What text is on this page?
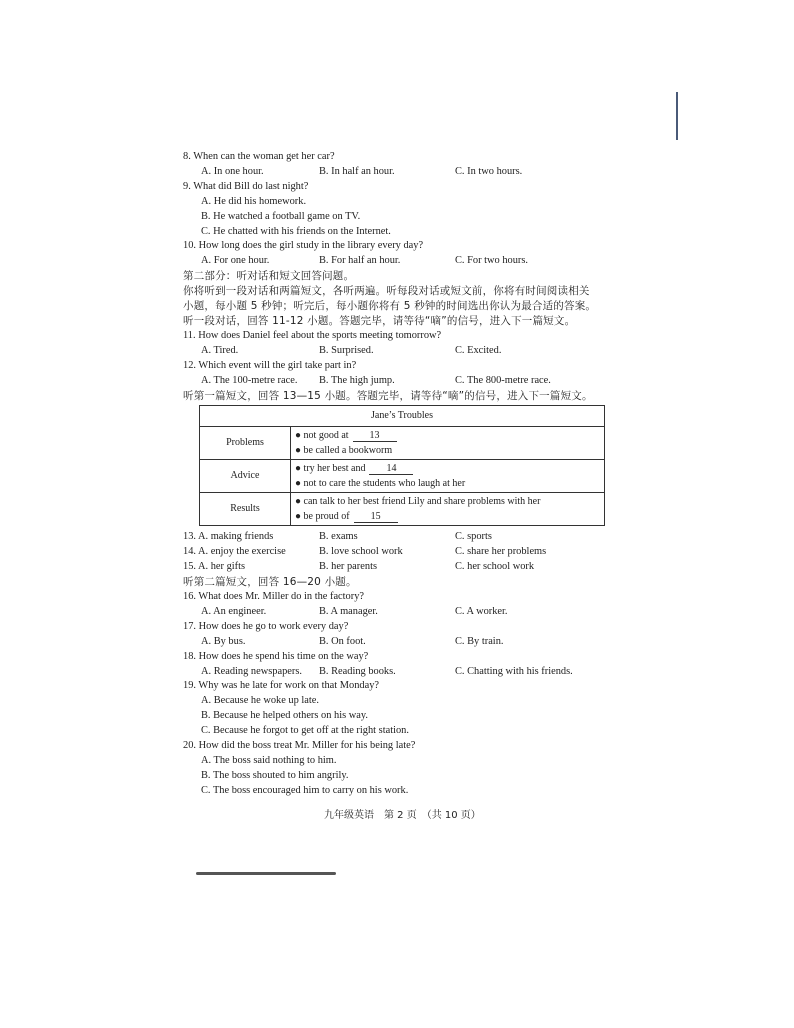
8. When can the woman get her car?

A. In one hour.	B. In half an hour.	C. In two hours.

9. What did Bill do last night?

A. He did his homework.

B. He watched a football game on TV.

C. He chatted with his friends on the Internet.

10. How long does the girl study in the library every day?

A. For one hour.	B. For half an hour.	C. For two hours.

第二部分：听对话和短文回答问题。

你将听到一段对话和两篇短文，各听两遍。听每段对话或短文前，你将有时间阅读相关

小题，每小题 5 秒钟；听完后，每小题你将有 5 秒钟的时间选出你认为最合适的答案。

听一段对话，回答 11-12 小题。答题完毕，请等待“嘀”的信号，进入下一篇短文。

11. How does Daniel feel about the sports meeting tomorrow?

A. Tired.	B. Surprised.	C. Excited.

12. Which event will the girl take part in?

A. The 100-metre race.	B. The high jump.	C. The 800-metre race.

听第一篇短文，回答 13—15 小题。答题完毕，请等待“嘀”的信号，进入下一篇短文。

Jane’s Troubles	
Problems	● not good at 13
● be called a bookworm

Advice	● try her best and 14
● not to care the students who laugh at her

Results	● can talk to her best friend Lily and share problems with her
● be proud of 15
13. A. making friends	B. exams	C. sports
14. A. enjoy the exercise	B. love school work	C. share her problems
15. A. her gifts	B. her parents	C. her school work

听第二篇短文，回答 16—20 小题。

16. What does Mr. Miller do in the factory?

A. An engineer.	B. A manager.	C. A worker.

17. How does he go to work every day?

A. By bus.	B. On foot.	C. By train.

18. How does he spend his time on the way?

A. Reading newspapers.	B. Reading books.	C. Chatting with his friends.

19. Why was he late for work on that Monday?

A. Because he woke up late.

B. Because he helped others on his way.

C. Because he forgot to get off at the right station.

20. How did the boss treat Mr. Miller for his being late?

A. The boss said nothing to him.

B. The boss shouted to him angrily.

C. The boss encouraged him to carry on his work.

九年级英语　第 2 页　（共 10 页）
